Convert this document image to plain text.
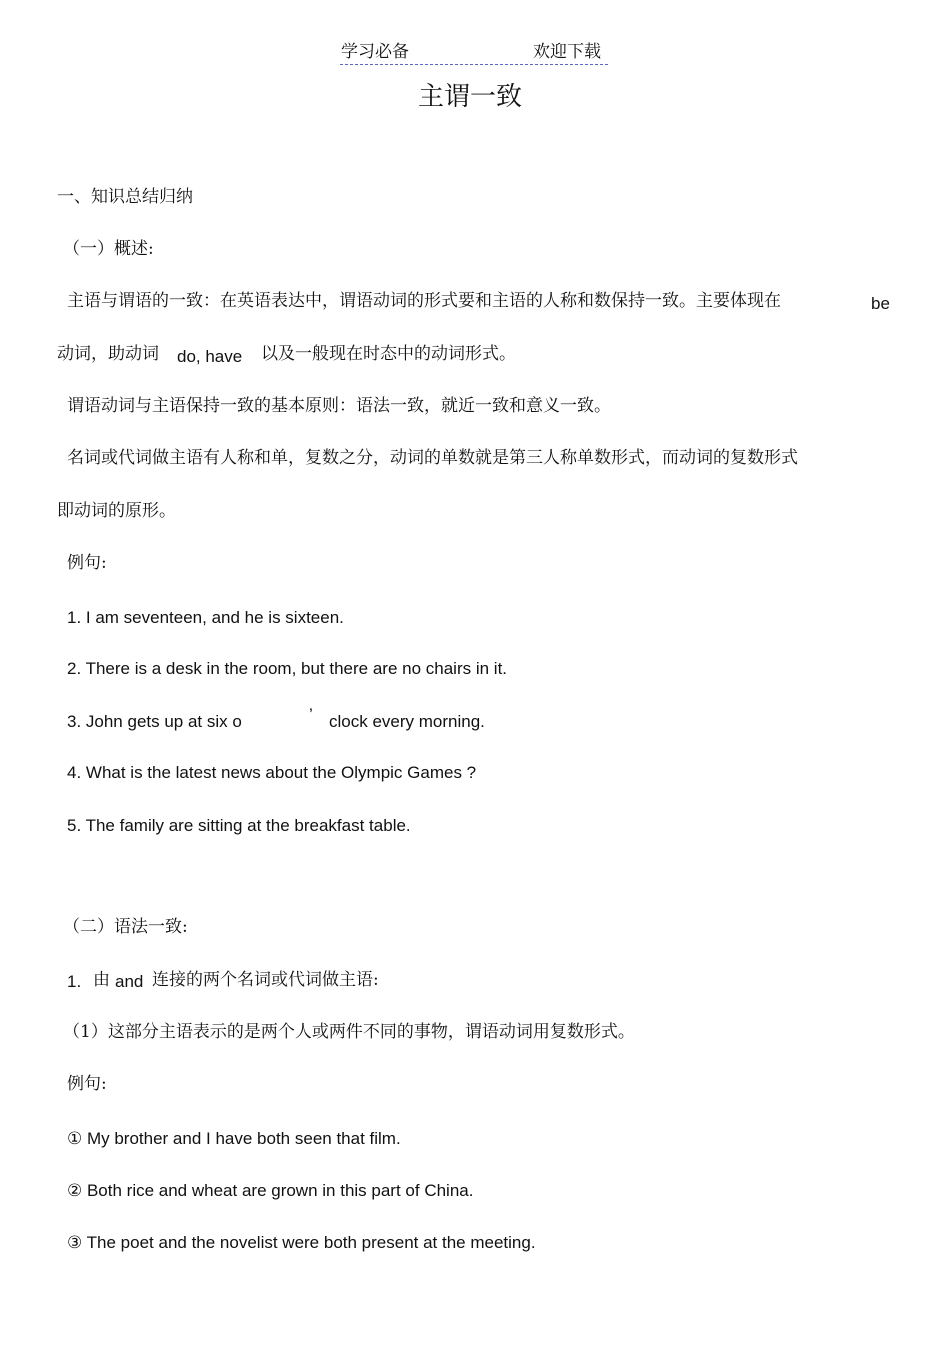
学习必备	欢迎下载
主谓一致
一、知识总结归纳
（一）概述:
主语与谓语的一致：在英语表达中，谓语动词的形式要和主语的人称和数保持一致。主要体现在	be
动词，助动词 do, have 以及一般现在时态中的动词形式。
谓语动词与主语保持一致的基本原则：语法一致，就近一致和意义一致。
名词或代词做主语有人称和单，复数之分，动词的单数就是第三人称单数形式，而动词的复数形式
即动词的原形。
例句:
1. I am seventeen, and he is sixteen.
2. There is a desk in the room, but there are no chairs in it.
3. John gets up at six o	’ clock every morning.
4. What is the latest news about the Olympic Games ?
5. The family are sitting at the breakfast table.
（二）语法一致:
1. 由 and 连接的两个名词或代词做主语:
（1）这部分主语表示的是两个人或两件不同的事物，谓语动词用复数形式。
例句:
① My brother and I have both seen that film.
② Both rice and wheat are grown in this part of China.
③ The poet and the novelist were both present at the meeting.
